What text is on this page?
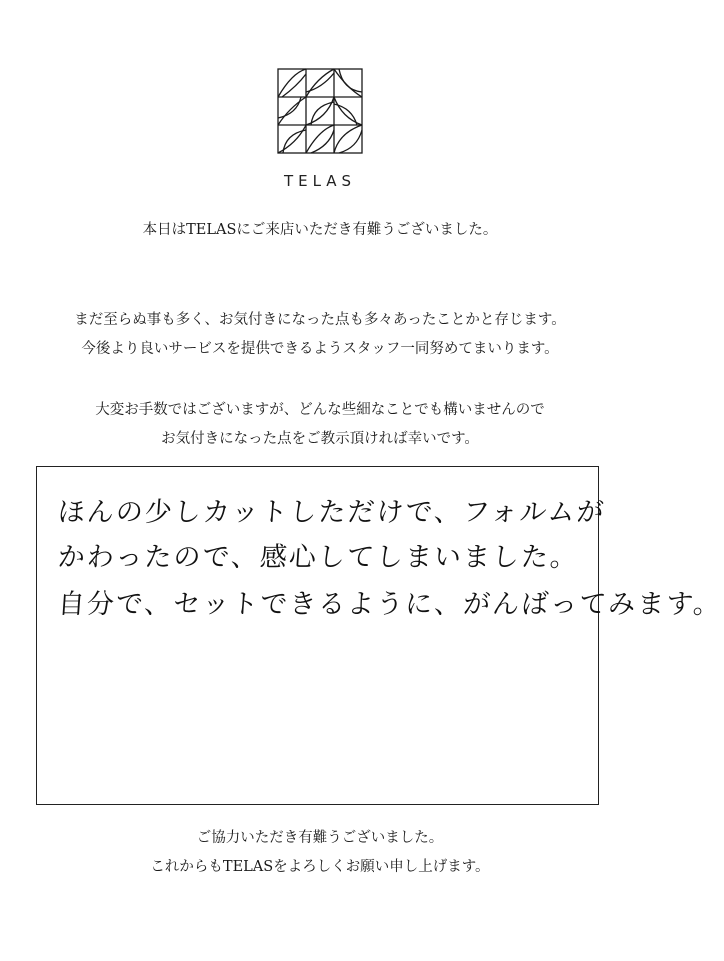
TELAS
本日はTELASにご来店いただき有難うございました。
まだ至らぬ事も多く、お気付きになった点も多々あったことかと存じます。
今後より良いサービスを提供できるようスタッフ一同努めてまいります。
大変お手数ではございますが、どんな些細なことでも構いませんので
お気付きになった点をご教示頂ければ幸いです。
ほんの少しカットしただけで、フォルムが
かわったので、感心してしまいました。
自分で、セットできるように、がんばってみます。
ご協力いただき有難うございました。
これからもTELASをよろしくお願い申し上げます。
